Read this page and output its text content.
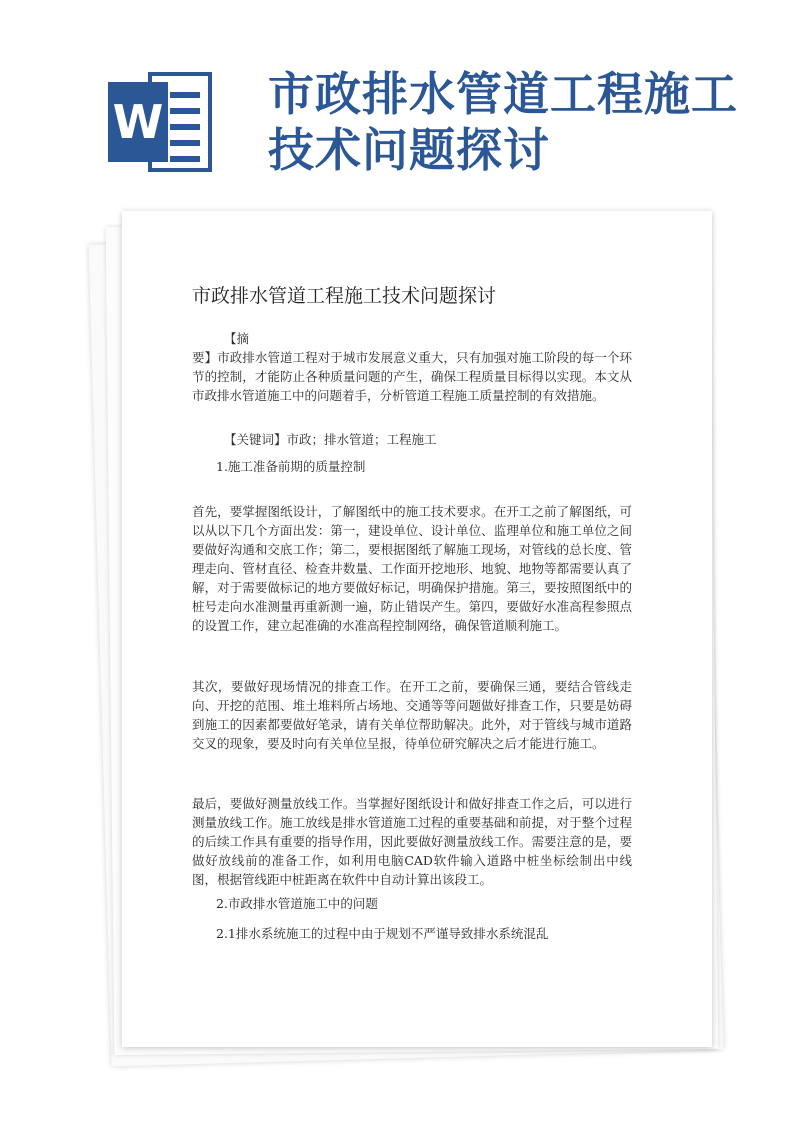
W
市政排水管道工程施工
技术问题探讨
市政排水管道工程施工技术问题探讨
【摘
要】市政排水管道工程对于城市发展意义重大，只有加强对施工阶段的每一个环节的控制，才能防止各种质量问题的产生，确保工程质量目标得以实现。本文从市政排水管道施工中的问题着手，分析管道工程施工质量控制的有效措施。
【关键词】市政；排水管道；工程施工
1.施工准备前期的质量控制
首先，要掌握图纸设计，了解图纸中的施工技术要求。在开工之前了解图纸，可以从以下几个方面出发：第一，建设单位、设计单位、监理单位和施工单位之间要做好沟通和交底工作；第二，要根据图纸了解施工现场，对管线的总长度、管理走向、管材直径、检查井数量、工作面开挖地形、地貌、地物等都需要认真了解，对于需要做标记的地方要做好标记，明确保护措施。第三，要按照图纸中的桩号走向水准测量再重新测一遍，防止错误产生。第四，要做好水准高程参照点的设置工作，建立起准确的水准高程控制网络，确保管道顺利施工。
其次，要做好现场情况的排查工作。在开工之前，要确保三通，要结合管线走向、开挖的范围、堆土堆料所占场地、交通等等问题做好排查工作，只要是妨碍到施工的因素都要做好笔录，请有关单位帮助解决。此外，对于管线与城市道路交叉的现象，要及时向有关单位呈报，待单位研究解决之后才能进行施工。
最后，要做好测量放线工作。当掌握好图纸设计和做好排查工作之后，可以进行测量放线工作。施工放线是排水管道施工过程的重要基础和前提，对于整个过程的后续工作具有重要的指导作用，因此要做好测量放线工作。需要注意的是，要做好放线前的准备工作，如利用电脑CAD软件输入道路中桩坐标绘制出中线图，根据管线距中桩距离在软件中自动计算出该段工。
2.市政排水管道施工中的问题
2.1排水系统施工的过程中由于规划不严谨导致排水系统混乱
